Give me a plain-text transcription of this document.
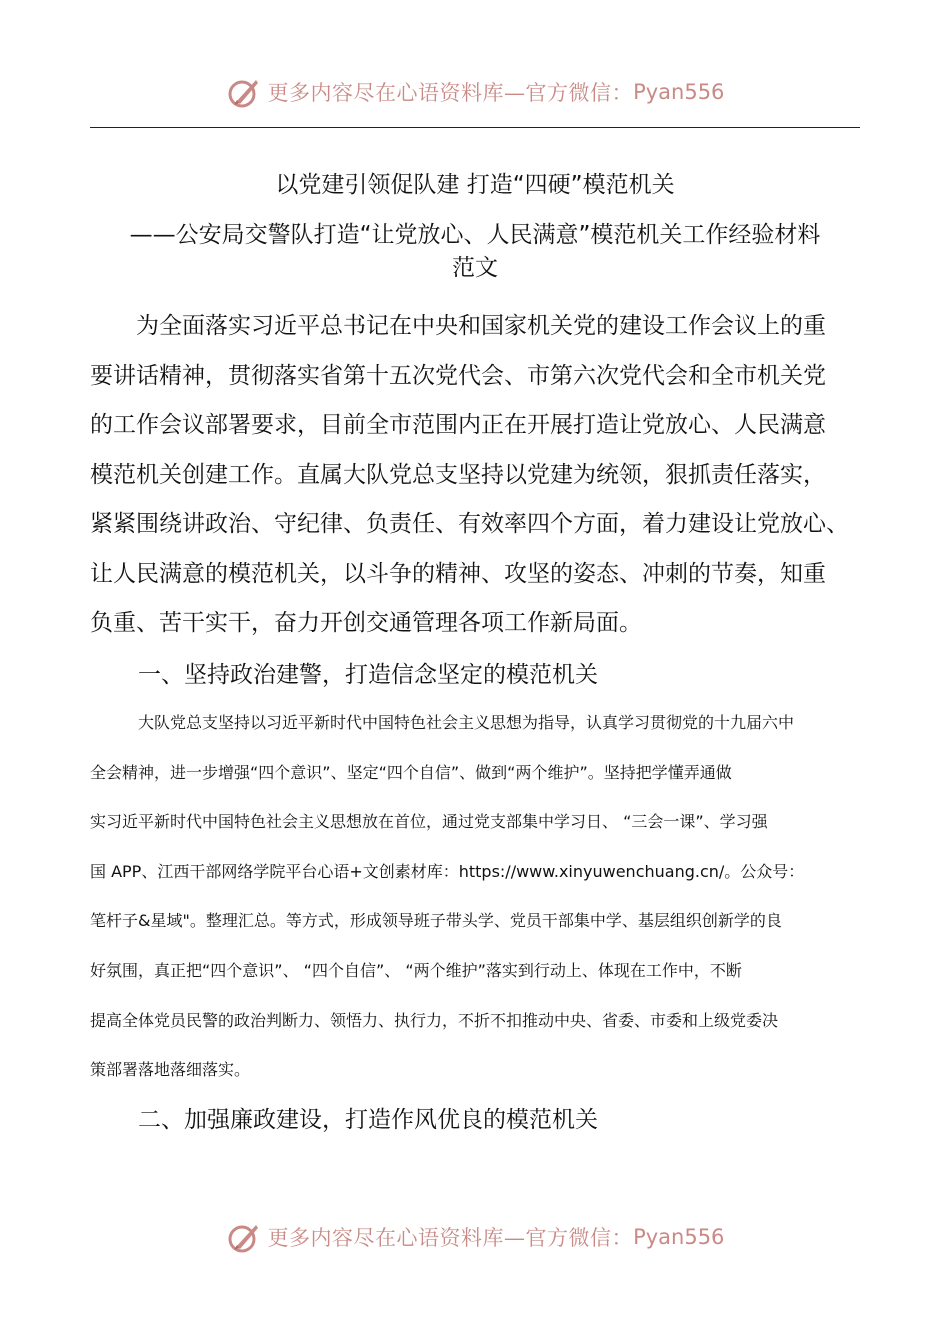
更多内容尽在心语资料库—官方微信： Pyan556
以党建引领促队建 打造“四硬”模范机关
——公安局交警队打造“让党放心、人民满意”模范机关工作经验材料
范文
　　为全面落实习近平总书记在中央和国家机关党的建设工作会议上的重
要讲话精神，贯彻落实省第十五次党代会、市第六次党代会和全市机关党
的工作会议部署要求，目前全市范围内正在开展打造让党放心、人民满意
模范机关创建工作。直属大队党总支坚持以党建为统领，狠抓责任落实，
紧紧围绕讲政治、守纪律、负责任、有效率四个方面，着力建设让党放心、
让人民满意的模范机关，以斗争的精神、攻坚的姿态、冲刺的节奏，知重
负重、苦干实干，奋力开创交通管理各项工作新局面。
一、坚持政治建警，打造信念坚定的模范机关
　　　大队党总支坚持以习近平新时代中国特色社会主义思想为指导，认真学习贯彻党的十九届六中
全会精神，进一步增强“四个意识”、坚定“四个自信”、做到“两个维护”。坚持把学懂弄通做
实习近平新时代中国特色社会主义思想放在首位，通过党支部集中学习日、 “三会一课”、学习强
国 APP、江西干部网络学院平台心语+文创素材库：https://www.xinyuwenchuang.cn/。公众号：
笔杆子&星域"。整理汇总。等方式，形成领导班子带头学、党员干部集中学、基层组织创新学的良
好氛围，真正把“四个意识”、 “四个自信”、 “两个维护”落实到行动上、体现在工作中，不断
提高全体党员民警的政治判断力、领悟力、执行力，不折不扣推动中央、省委、市委和上级党委决
策部署落地落细落实。
二、加强廉政建设，打造作风优良的模范机关
更多内容尽在心语资料库—官方微信： Pyan556
